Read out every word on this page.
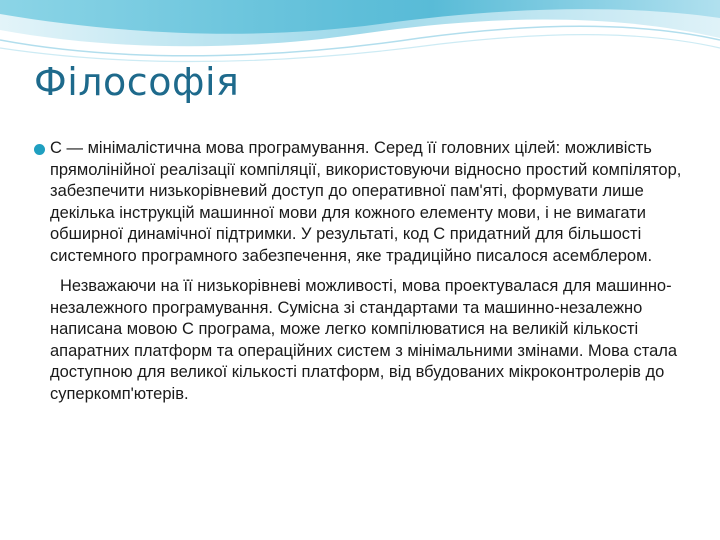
Філософія

C — мінімалістична мова програмування. Серед її головних цілей: можливість прямолінійної реалізації компіляції, використовуючи відносно простий компілятор, забезпечити низькорівневий доступ до оперативної пам'яті, формувати лише декілька інструкцій машинної мови для кожного елементу мови, і не вимагати обширної динамічної підтримки. У результаті, код C придатний для більшості системного програмного забезпечення, яке традиційно писалося асемблером.

Незважаючи на її низькорівневі можливості, мова проектувалася для машинно-незалежного програмування. Сумісна зі стандартами та машинно-незалежно написана мовою C програма, може легко компілюватися на великій кількості апаратних платформ та операційних систем з мінімальними змінами. Мова стала доступною для великої кількості платформ, від вбудованих мікроконтролерів до суперкомп'ютерів.
